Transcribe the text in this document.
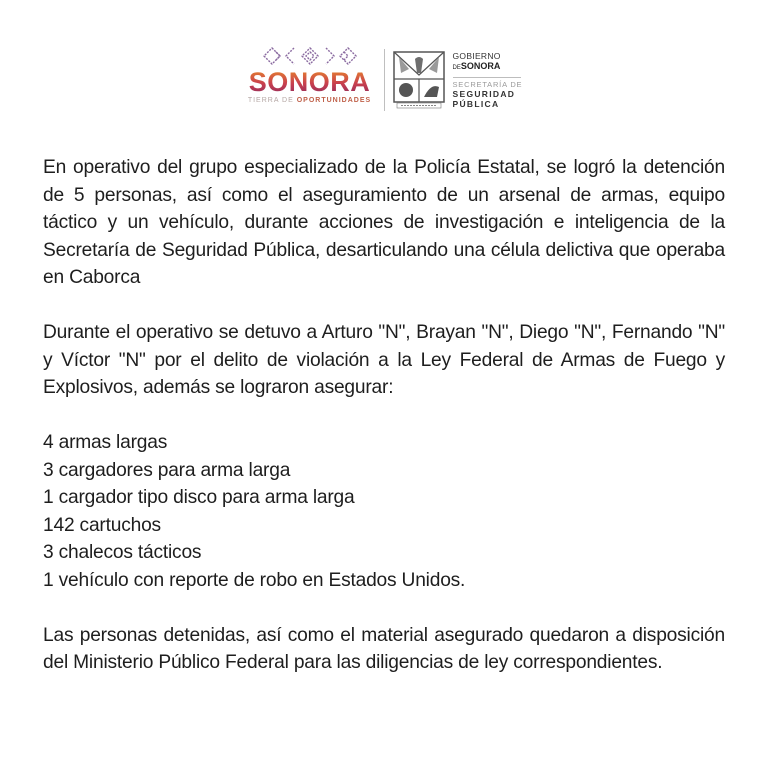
SONORA
TIERRA DE OPORTUNIDADES
GOBIERNO
DESONORA
SECRETARÍA DE
SEGURIDAD
PÚBLICA

En operativo del grupo especializado de la Policía Estatal, se logró la detención de 5 personas, así como el aseguramiento de un arsenal de armas, equipo táctico y un vehículo, durante acciones de investigación e inteligencia de la Secretaría de Seguridad Pública, desarticulando una célula delictiva que operaba en Caborca

Durante el operativo se detuvo a Arturo "N", Brayan "N", Diego "N", Fernando "N" y Víctor "N" por el delito de violación a la Ley Federal de Armas de Fuego y Explosivos, además se lograron asegurar:

4 armas largas
3 cargadores para arma larga
1 cargador tipo disco para arma larga
142 cartuchos
3 chalecos tácticos
1 vehículo con reporte de robo en Estados Unidos.

Las personas detenidas, así como el material asegurado quedaron a disposición del Ministerio Público Federal para las diligencias de ley correspondientes.
